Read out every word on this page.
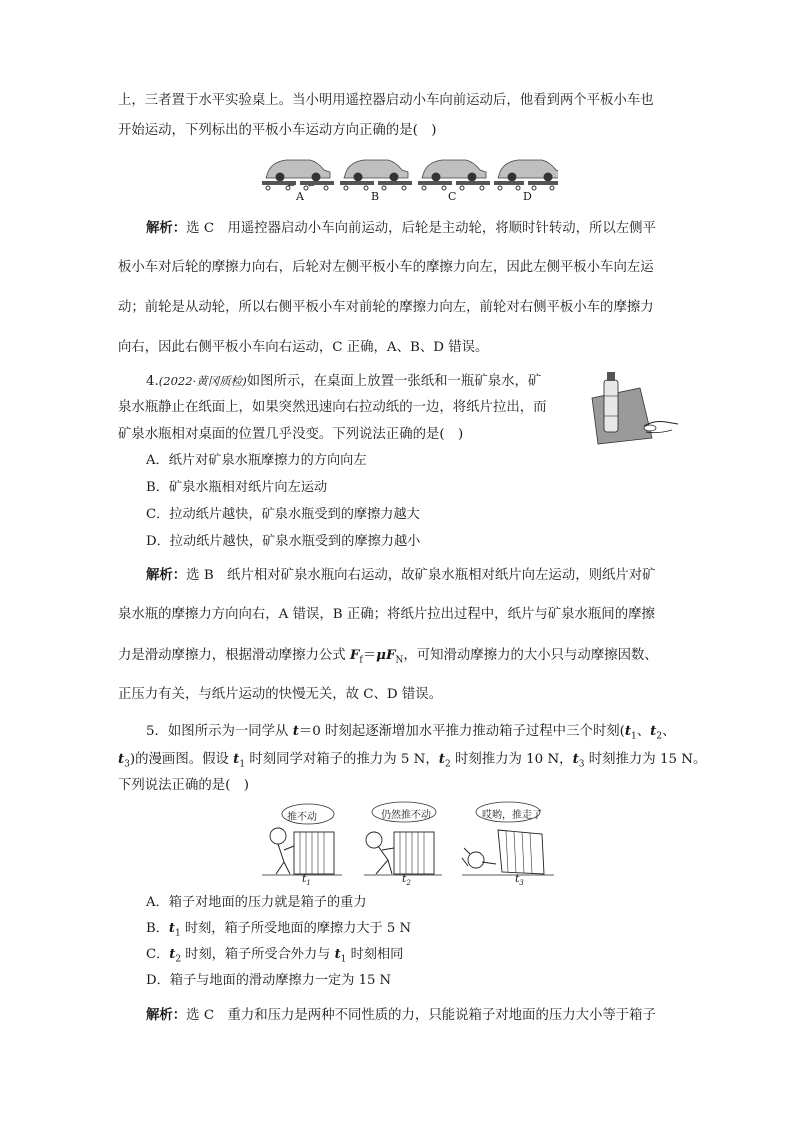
上，三者置于水平实验桌上。当小明用遥控器启动小车向前运动后，他看到两个平板小车也
开始运动，下列标出的平板小车运动方向正确的是(　)
← ←
A	B	C	D
解析：选 C　用遥控器启动小车向前运动，后轮是主动轮，将顺时针转动，所以左侧平
板小车对后轮的摩擦力向右，后轮对左侧平板小车的摩擦力向左，因此左侧平板小车向左运
动；前轮是从动轮，所以右侧平板小车对前轮的摩擦力向左，前轮对右侧平板小车的摩擦力
向右，因此右侧平板小车向右运动，C 正确，A、B、D 错误。
4.(2022·黄冈质检)如图所示，在桌面上放置一张纸和一瓶矿泉水，矿
泉水瓶静止在纸面上，如果突然迅速向右拉动纸的一边，将纸片拉出，而
矿泉水瓶相对桌面的位置几乎没变。下列说法正确的是(　)
A．纸片对矿泉水瓶摩擦力的方向向左
B．矿泉水瓶相对纸片向左运动
C．拉动纸片越快，矿泉水瓶受到的摩擦力越大
D．拉动纸片越快，矿泉水瓶受到的摩擦力越小
解析：选 B　纸片相对矿泉水瓶向右运动，故矿泉水瓶相对纸片向左运动，则纸片对矿
泉水瓶的摩擦力方向向右，A 错误，B 正确；将纸片拉出过程中，纸片与矿泉水瓶间的摩擦
力是滑动摩擦力，根据滑动摩擦力公式 $F_f=\mu F_N$，可知滑动摩擦力的大小只与动摩擦因数、
正压力有关，与纸片运动的快慢无关，故 C、D 错误。
5．如图所示为一同学从 t＝0 时刻起逐渐增加水平推力推动箱子过程中三个时刻($t_1$、$t_2$、
$t_3$)的漫画图。假设 $t_1$ 时刻同学对箱子的推力为 5 N，$t_2$ 时刻推力为 10 N，$t_3$ 时刻推力为 15 N。
下列说法正确的是(　)
推不动	仍然推不动	哎哟，推走了
$t_1$	$t_2$	$t_3$
A．箱子对地面的压力就是箱子的重力
B．$t_1$ 时刻，箱子所受地面的摩擦力大于 5 N
C．$t_2$ 时刻，箱子所受合外力与 $t_1$ 时刻相同
D．箱子与地面的滑动摩擦力一定为 15 N
解析：选 C　重力和压力是两种不同性质的力，只能说箱子对地面的压力大小等于箱子
